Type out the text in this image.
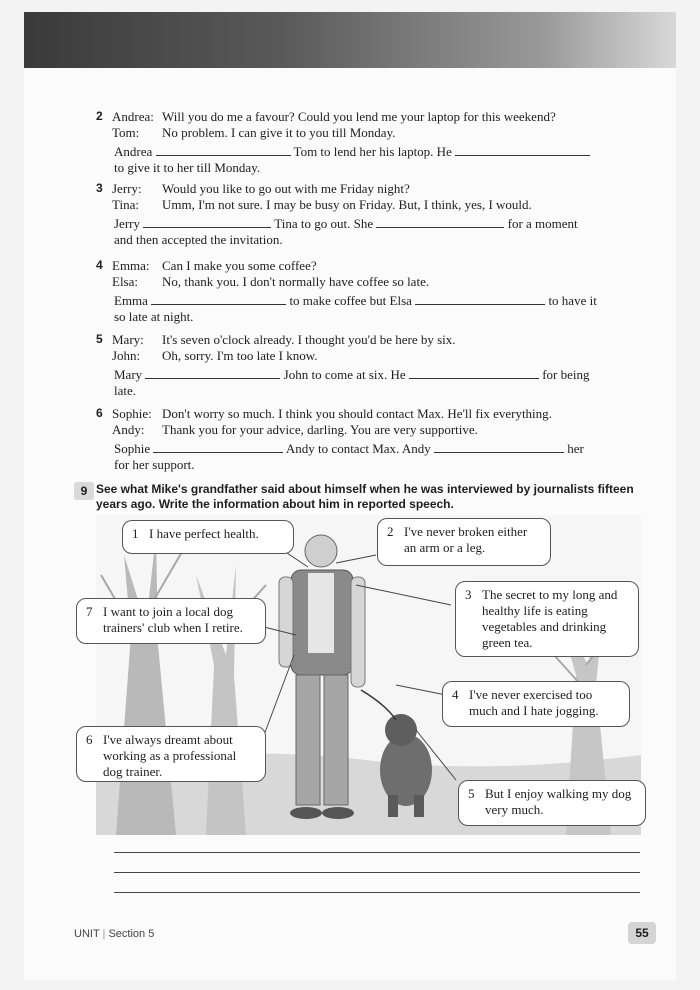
2 Andrea: Will you do me a favour? Could you lend me your laptop for this weekend?
Tom: No problem. I can give it to you till Monday.
Andrea	Tom to lend her his laptop. He
to give it to her till Monday.
3 Jerry: Would you like to go out with me Friday night?
Tina: Umm, I'm not sure. I may be busy on Friday. But, I think, yes, I would.
Jerry	Tina to go out. She	for a moment
and then accepted the invitation.
4 Emma: Can I make you some coffee?
Elsa: No, thank you. I don't normally have coffee so late.
Emma	to make coffee but Elsa	to have it
so late at night.
5 Mary: It's seven o'clock already. I thought you'd be here by six.
John: Oh, sorry. I'm too late I know.
Mary	John to come at six. He	for being
late.
6 Sophie: Don't worry so much. I think you should contact Max. He'll fix everything.
Andy: Thank you for your advice, darling. You are very supportive.
Sophie	Andy to contact Max. Andy	her
for her support.
9 See what Mike's grandfather said about himself when he was interviewed by journalists fifteen years ago. Write the information about him in reported speech.
1 I have perfect health.	2 I've never broken either an arm or a leg.
3 The secret to my long and healthy life is eating vegetables and drinking green tea.
4 I've never exercised too much and I hate jogging.
5 But I enjoy walking my dog very much.
6 I've always dreamt about working as a professional dog trainer.
7 I want to join a local dog trainers' club when I retire.
UNIT | Section 5	55
